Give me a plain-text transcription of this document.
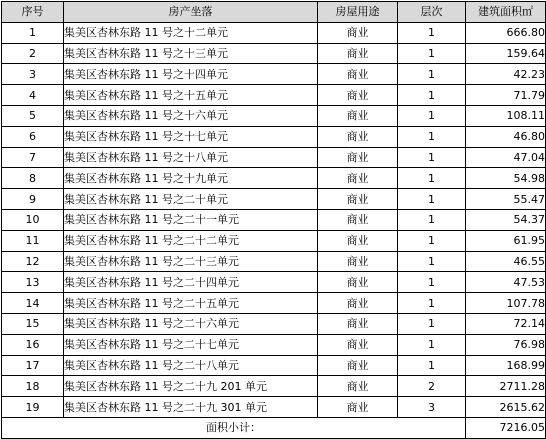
序号	房产坐落	房屋用途	层次	建筑面积㎡
1	集美区杏林东路 11 号之十二单元	商业	1	666.80
2	集美区杏林东路 11 号之十三单元	商业	1	159.64
3	集美区杏林东路 11 号之十四单元	商业	1	42.23
4	集美区杏林东路 11 号之十五单元	商业	1	71.79
5	集美区杏林东路 11 号之十六单元	商业	1	108.11
6	集美区杏林东路 11 号之十七单元	商业	1	46.80
7	集美区杏林东路 11 号之十八单元	商业	1	47.04
8	集美区杏林东路 11 号之十九单元	商业	1	54.98
9	集美区杏林东路 11 号之二十单元	商业	1	55.47
10	集美区杏林东路 11 号之二十一单元	商业	1	54.37
11	集美区杏林东路 11 号之二十二单元	商业	1	61.95
12	集美区杏林东路 11 号之二十三单元	商业	1	46.55
13	集美区杏林东路 11 号之二十四单元	商业	1	47.53
14	集美区杏林东路 11 号之二十五单元	商业	1	107.78
15	集美区杏林东路 11 号之二十六单元	商业	1	72.14
16	集美区杏林东路 11 号之二十七单元	商业	1	76.98
17	集美区杏林东路 11 号之二十八单元	商业	1	168.99
18	集美区杏林东路 11 号之二十九 201 单元	商业	2	2711.28
19	集美区杏林东路 11 号之二十九 301 单元	商业	3	2615.62
面积小计：				7216.05
